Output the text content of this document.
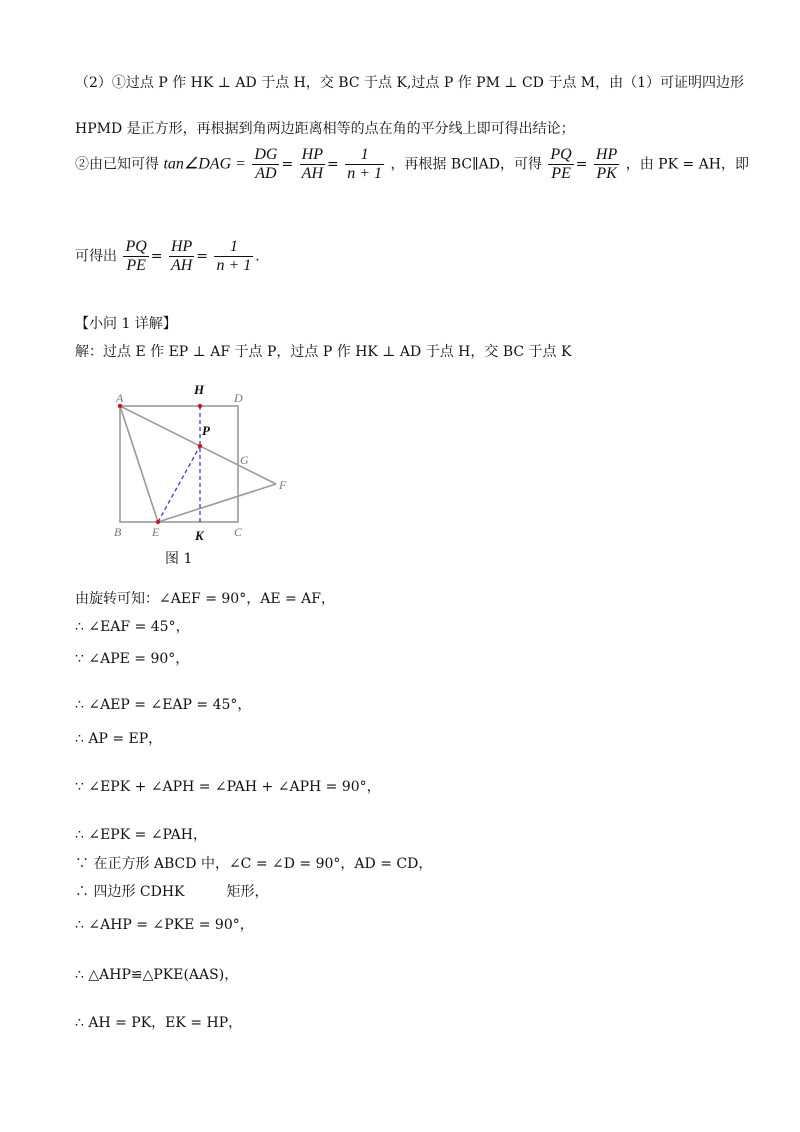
（2）①过点 P 作 HK ⊥ AD 于点 H，交 BC 于点 K,过点 P 作 PM ⊥ CD 于点 M，由（1）可证明四边形
HPMD 是正方形，再根据到角两边距离相等的点在角的平分线上即可得出结论；
②由已知可得 tan∠DAG = $\frac{DG}{AD} = \frac{HP}{AH} = \frac{1}{n + 1}$ ，再根据 BC∥AD，可得 $\frac{PQ}{PE} = \frac{HP}{PK}$ ，由 PK = AH，即
可得出 $\frac{PQ}{PE} = \frac{HP}{AH} = \frac{1}{n + 1}$ .
【小问 1 详解】
解：过点 E 作 EP ⊥ AF 于点 P，过点 P 作 HK ⊥ AD 于点 H，交 BC 于点 K
A	D
B	C
E
G
F
H
P
K
图 1
由旋转可知：∠AEF = 90°，AE = AF，
∴ ∠EAF = 45°，
∵ ∠APE = 90°，
∴ ∠AEP = ∠EAP = 45°，
∴ AP = EP，
∵ ∠EPK + ∠APH = ∠PAH + ∠APH = 90°，
∴ ∠EPK = ∠PAH，
∵ 在正方形 ABCD 中，∠C = ∠D = 90°，AD = CD，
∴ 四边形 CDHK　　　矩形，
∴ ∠AHP = ∠PKE = 90°，
∴ △AHP≌△PKE(AAS)，
∴ AH = PK，EK = HP，
